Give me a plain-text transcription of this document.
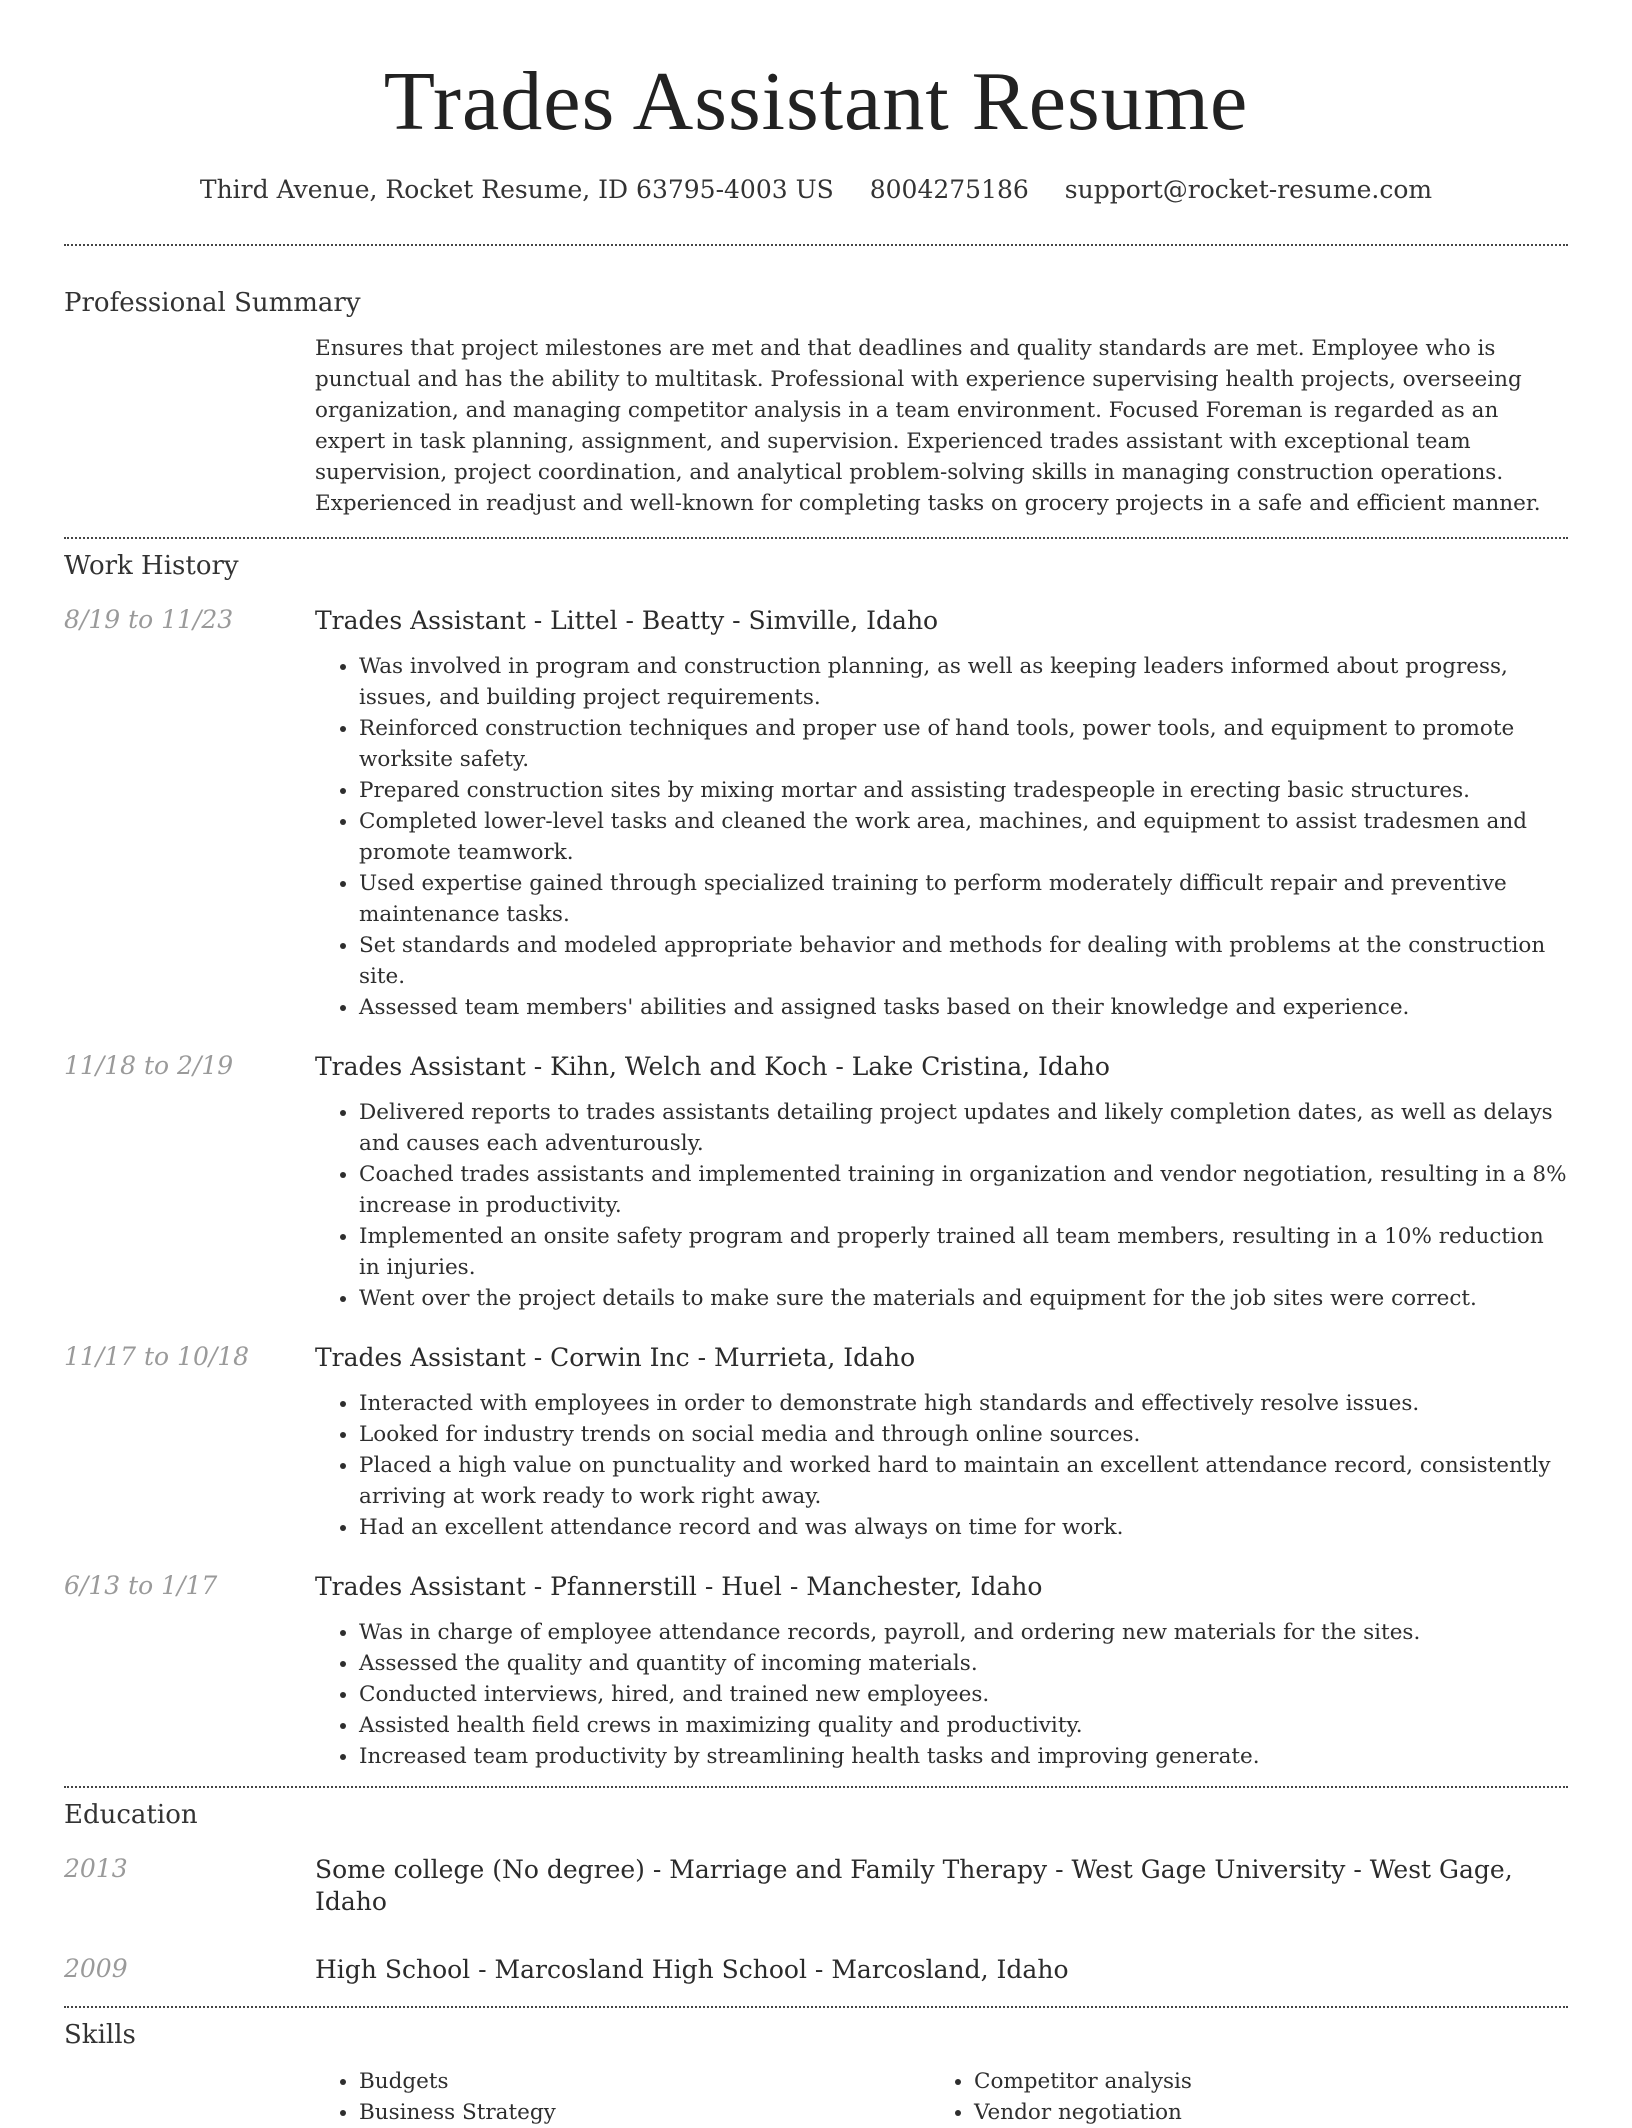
Trades Assistant Resume
Third Avenue, Rocket Resume, ID 63795-4003 US 8004275186 support@rocket-resume.com
Professional Summary
Ensures that project milestones are met and that deadlines and quality standards are met. Employee who is punctual and has the ability to multitask. Professional with experience supervising health projects, overseeing organization, and managing competitor analysis in a team environment. Focused Foreman is regarded as an expert in task planning, assignment, and supervision. Experienced trades assistant with exceptional team supervision, project coordination, and analytical problem-solving skills in managing construction operations. Experienced in readjust and well-known for completing tasks on grocery projects in a safe and efficient manner.
Work History
8/19 to 11/23	Trades Assistant - Littel - Beatty - Simville, Idaho
• Was involved in program and construction planning, as well as keeping leaders informed about progress, issues, and building project requirements.
• Reinforced construction techniques and proper use of hand tools, power tools, and equipment to promote worksite safety.
• Prepared construction sites by mixing mortar and assisting tradespeople in erecting basic structures.
• Completed lower-level tasks and cleaned the work area, machines, and equipment to assist tradesmen and promote teamwork.
• Used expertise gained through specialized training to perform moderately difficult repair and preventive maintenance tasks.
• Set standards and modeled appropriate behavior and methods for dealing with problems at the construction site.
• Assessed team members' abilities and assigned tasks based on their knowledge and experience.
11/18 to 2/19	Trades Assistant - Kihn, Welch and Koch - Lake Cristina, Idaho
• Delivered reports to trades assistants detailing project updates and likely completion dates, as well as delays and causes each adventurously.
• Coached trades assistants and implemented training in organization and vendor negotiation, resulting in a 8% increase in productivity.
• Implemented an onsite safety program and properly trained all team members, resulting in a 10% reduction in injuries.
• Went over the project details to make sure the materials and equipment for the job sites were correct.
11/17 to 10/18	Trades Assistant - Corwin Inc - Murrieta, Idaho
• Interacted with employees in order to demonstrate high standards and effectively resolve issues.
• Looked for industry trends on social media and through online sources.
• Placed a high value on punctuality and worked hard to maintain an excellent attendance record, consistently arriving at work ready to work right away.
• Had an excellent attendance record and was always on time for work.
6/13 to 1/17	Trades Assistant - Pfannerstill - Huel - Manchester, Idaho
• Was in charge of employee attendance records, payroll, and ordering new materials for the sites.
• Assessed the quality and quantity of incoming materials.
• Conducted interviews, hired, and trained new employees.
• Assisted health field crews in maximizing quality and productivity.
• Increased team productivity by streamlining health tasks and improving generate.
Education
2013	Some college (No degree) - Marriage and Family Therapy - West Gage University - West Gage, Idaho
2009	High School - Marcosland High School - Marcosland, Idaho
Skills
• Budgets
• Business Strategy
• Competitor analysis
• Vendor negotiation
